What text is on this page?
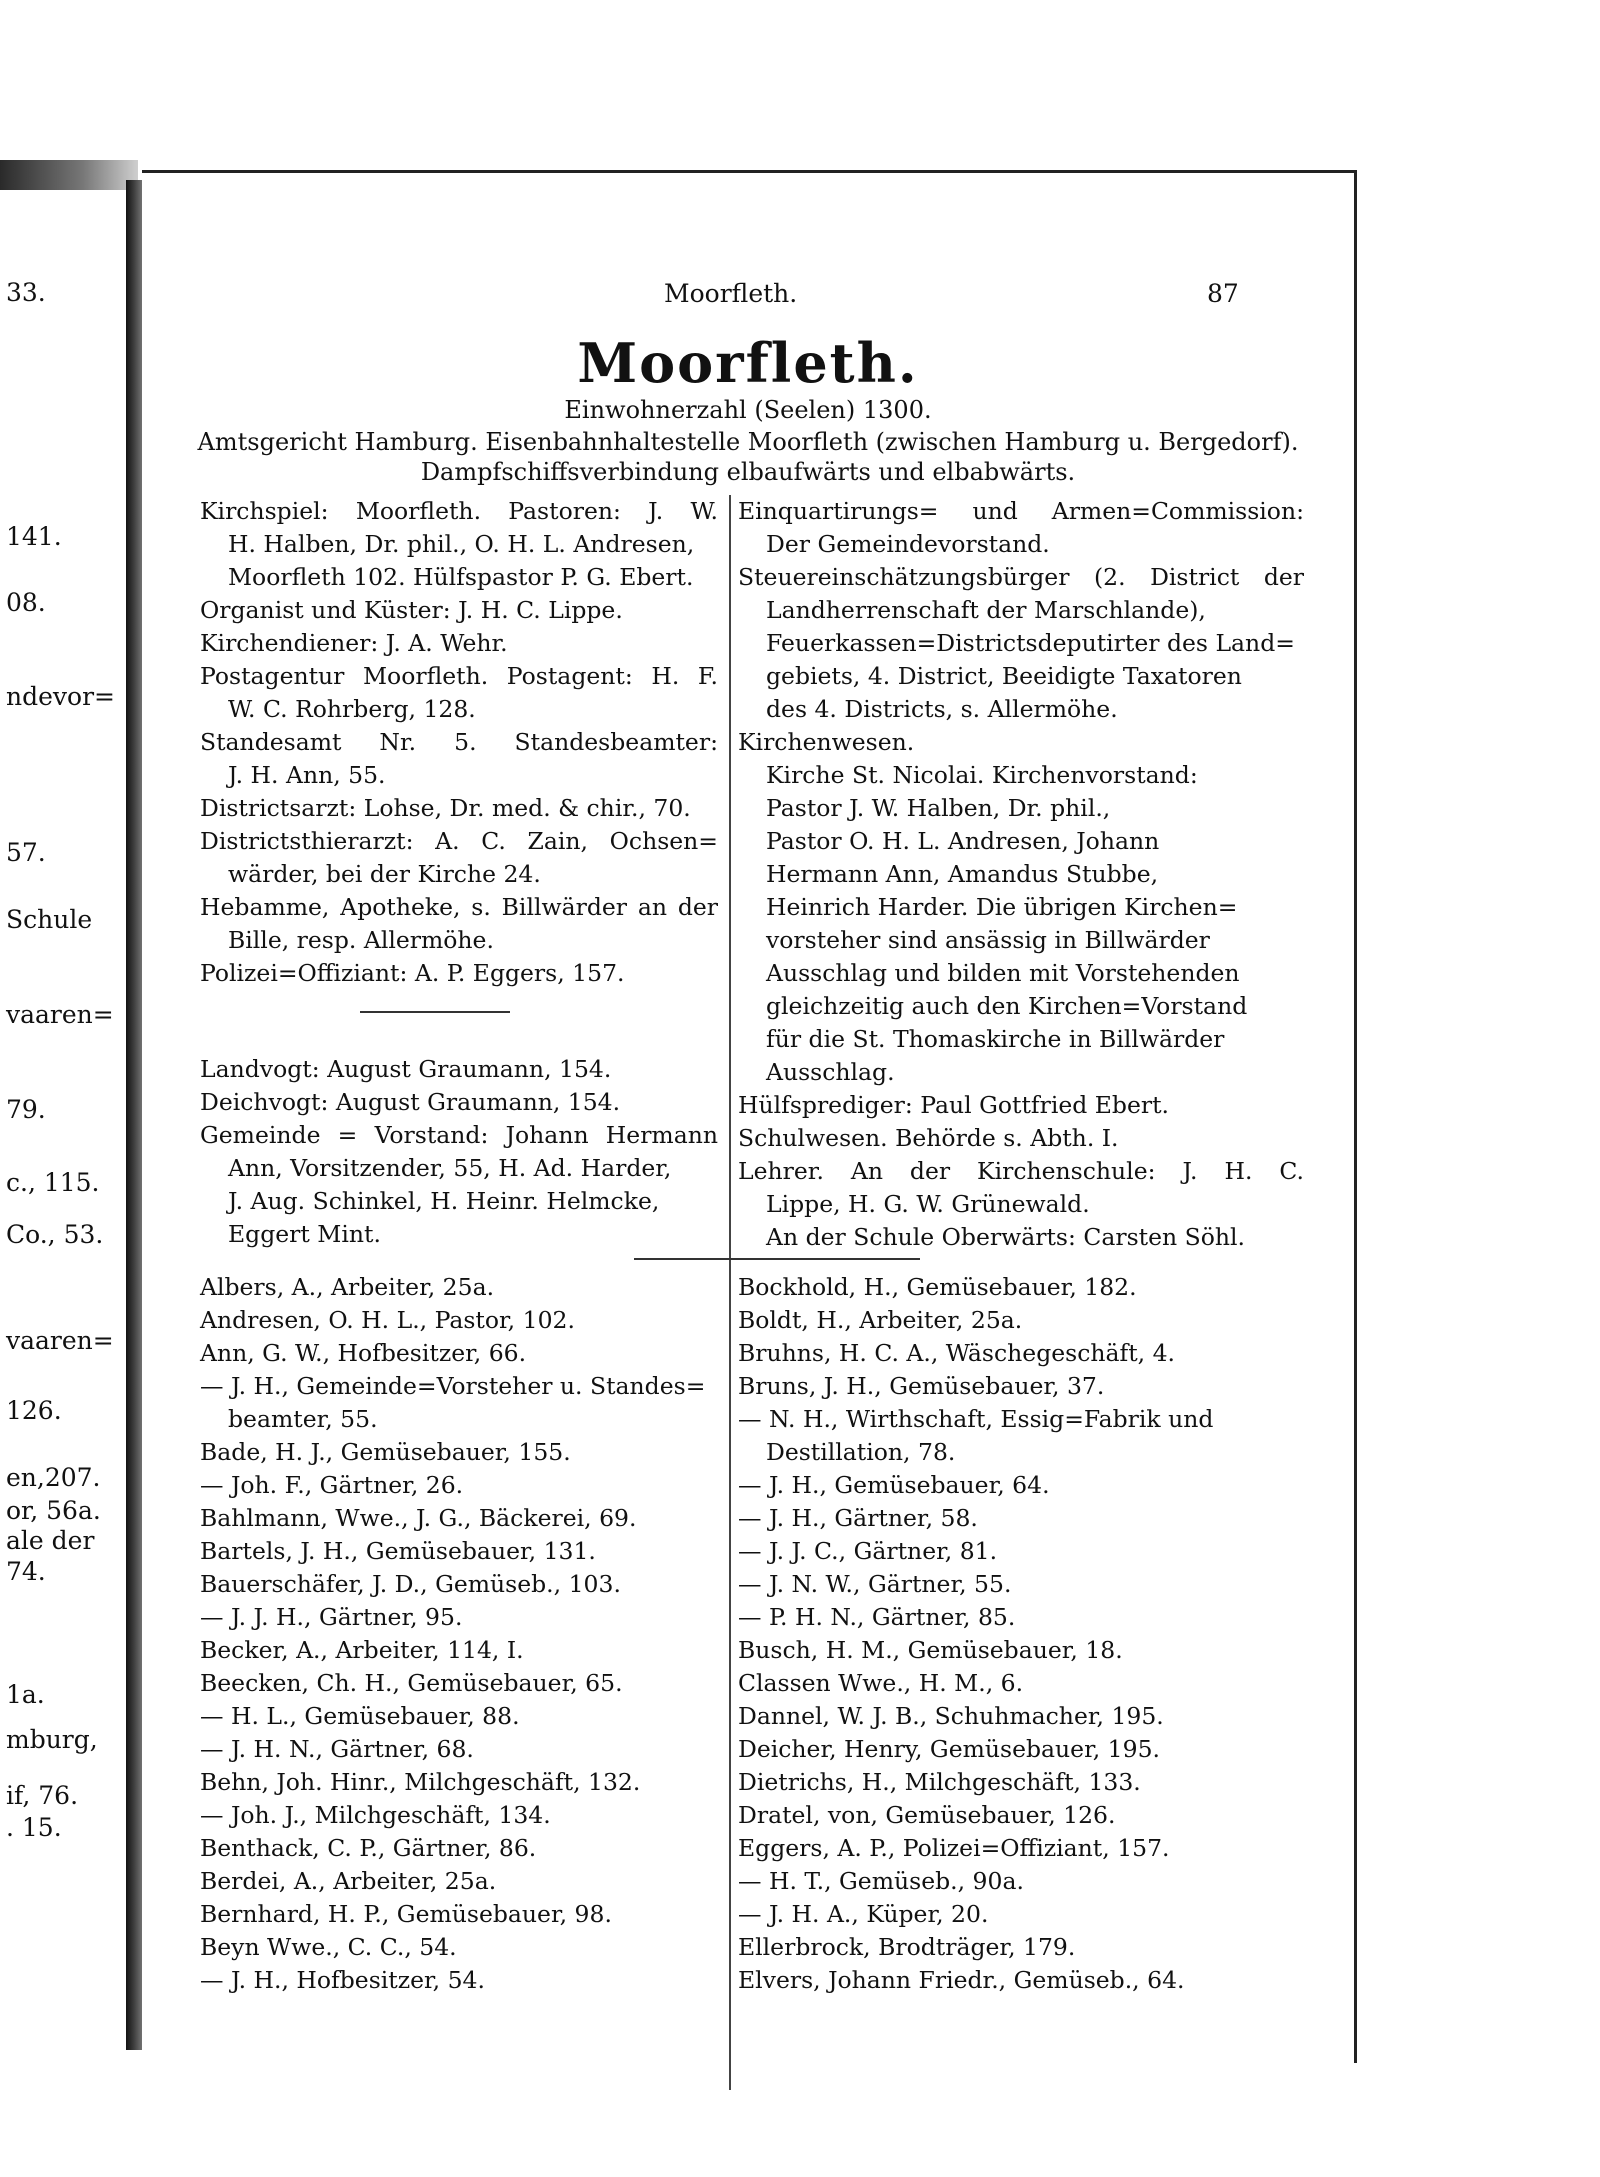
33.
141.
08.
ndevor=
57.
Schule
vaaren=
79.
c., 115.
Co., 53.
vaaren=
126.
en,207.
or, 56a.
ale der
74.
1a.
mburg,
if, 76.
. 15.
Moorfleth.	87
Moorfleth.
Einwohnerzahl (Seelen) 1300.
Amtsgericht Hamburg. Eisenbahnhaltestelle Moorfleth (zwischen Hamburg u. Bergedorf).
Dampfschiffsverbindung elbaufwärts und elbabwärts.
Kirchspiel: Moorfleth. Pastoren: J. W.
H. Halben, Dr. phil., O. H. L. Andresen,
Moorfleth 102. Hülfspastor P. G. Ebert.
Organist und Küster: J. H. C. Lippe.
Kirchendiener: J. A. Wehr.
Postagentur Moorfleth. Postagent: H. F.
W. C. Rohrberg, 128.
Standesamt Nr. 5. Standesbeamter:
J. H. Ann, 55.
Districtsarzt: Lohse, Dr. med. & chir., 70.
Districtsthierarzt: A. C. Zain, Ochsen=
wärder, bei der Kirche 24.
Hebamme, Apotheke, s. Billwärder an der
Bille, resp. Allermöhe.
Polizei=Offiziant: A. P. Eggers, 157.
Landvogt: August Graumann, 154.
Deichvogt: August Graumann, 154.
Gemeinde = Vorstand: Johann Hermann
Ann, Vorsitzender, 55, H. Ad. Harder,
J. Aug. Schinkel, H. Heinr. Helmcke,
Eggert Mint.
Einquartirungs= und Armen=Commission:
Der Gemeindevorstand.
Steuereinschätzungsbürger (2. District der
Landherrenschaft der Marschlande),
Feuerkassen=Districtsdeputirter des Land=
gebiets, 4. District, Beeidigte Taxatoren
des 4. Districts, s. Allermöhe.
Kirchenwesen.
Kirche St. Nicolai. Kirchenvorstand:
Pastor J. W. Halben, Dr. phil.,
Pastor O. H. L. Andresen, Johann
Hermann Ann, Amandus Stubbe,
Heinrich Harder. Die übrigen Kirchen=
vorsteher sind ansässig in Billwärder
Ausschlag und bilden mit Vorstehenden
gleichzeitig auch den Kirchen=Vorstand
für die St. Thomaskirche in Billwärder
Ausschlag.
Hülfsprediger: Paul Gottfried Ebert.
Schulwesen. Behörde s. Abth. I.
Lehrer. An der Kirchenschule: J. H. C.
Lippe, H. G. W. Grünewald.
An der Schule Oberwärts: Carsten Söhl.
Albers, A., Arbeiter, 25a.
Andresen, O. H. L., Pastor, 102.
Ann, G. W., Hofbesitzer, 66.
— J. H., Gemeinde=Vorsteher u. Standes=
beamter, 55.
Bade, H. J., Gemüsebauer, 155.
— Joh. F., Gärtner, 26.
Bahlmann, Wwe., J. G., Bäckerei, 69.
Bartels, J. H., Gemüsebauer, 131.
Bauerschäfer, J. D., Gemüseb., 103.
— J. J. H., Gärtner, 95.
Becker, A., Arbeiter, 114, I.
Beecken, Ch. H., Gemüsebauer, 65.
— H. L., Gemüsebauer, 88.
— J. H. N., Gärtner, 68.
Behn, Joh. Hinr., Milchgeschäft, 132.
— Joh. J., Milchgeschäft, 134.
Benthack, C. P., Gärtner, 86.
Berdei, A., Arbeiter, 25a.
Bernhard, H. P., Gemüsebauer, 98.
Beyn Wwe., C. C., 54.
— J. H., Hofbesitzer, 54.
Bockhold, H., Gemüsebauer, 182.
Boldt, H., Arbeiter, 25a.
Bruhns, H. C. A., Wäschegeschäft, 4.
Bruns, J. H., Gemüsebauer, 37.
— N. H., Wirthschaft, Essig=Fabrik und
Destillation, 78.
— J. H., Gemüsebauer, 64.
— J. H., Gärtner, 58.
— J. J. C., Gärtner, 81.
— J. N. W., Gärtner, 55.
— P. H. N., Gärtner, 85.
Busch, H. M., Gemüsebauer, 18.
Classen Wwe., H. M., 6.
Dannel, W. J. B., Schuhmacher, 195.
Deicher, Henry, Gemüsebauer, 195.
Dietrichs, H., Milchgeschäft, 133.
Dratel, von, Gemüsebauer, 126.
Eggers, A. P., Polizei=Offiziant, 157.
— H. T., Gemüseb., 90a.
— J. H. A., Küper, 20.
Ellerbrock, Brodträger, 179.
Elvers, Johann Friedr., Gemüseb., 64.
